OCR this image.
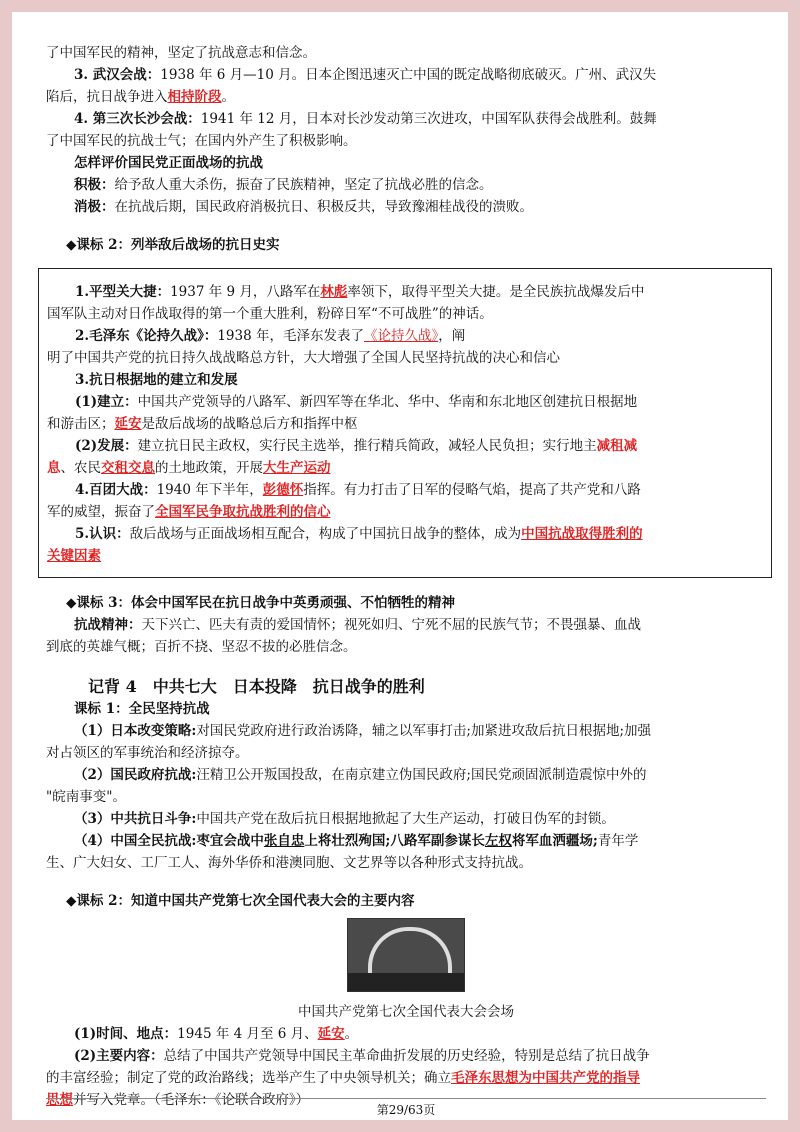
了中国军民的精神，坚定了抗战意志和信念。

3. 武汉会战：1938 年 6 月—10 月。日本企图迅速灭亡中国的既定战略彻底破灭。广州、武汉失

陷后，抗日战争进入相持阶段。

4. 第三次长沙会战：1941 年 12 月，日本对长沙发动第三次进攻，中国军队获得会战胜利。鼓舞

了中国军民的抗战士气；在国内外产生了积极影响。

怎样评价国民党正面战场的抗战

积极：给予敌人重大杀伤，振奋了民族精神，坚定了抗战必胜的信念。

消极：在抗战后期，国民政府消极抗日、积极反共，导致豫湘桂战役的溃败。

◆课标 2：列举敌后战场的抗日史实

1.平型关大捷：1937 年 9 月，八路军在林彪率领下，取得平型关大捷。是全民族抗战爆发后中

国军队主动对日作战取得的第一个重大胜利，粉碎日军“不可战胜”的神话。

2.毛泽东《论持久战》：1938 年，毛泽东发表了《论持久战》，阐

明了中国共产党的抗日持久战战略总方针，大大增强了全国人民坚持抗战的决心和信心

3.抗日根据地的建立和发展

(1)建立：中国共产党领导的八路军、新四军等在华北、华中、华南和东北地区创建抗日根据地

和游击区；延安是敌后战场的战略总后方和指挥中枢

(2)发展：建立抗日民主政权，实行民主选举，推行精兵简政，减轻人民负担；实行地主减租减

息、农民交租交息的土地政策，开展大生产运动

4.百团大战：1940 年下半年，彭德怀指挥。有力打击了日军的侵略气焰，提高了共产党和八路

军的威望，振奋了全国军民争取抗战胜利的信心

5.认识：敌后战场与正面战场相互配合，构成了中国抗日战争的整体，成为中国抗战取得胜利的

关键因素

◆课标 3：体会中国军民在抗日战争中英勇顽强、不怕牺牲的精神

抗战精神：天下兴亡、匹夫有责的爱国情怀；视死如归、宁死不屈的民族气节；不畏强暴、血战

到底的英雄气概；百折不挠、坚忍不拔的必胜信念。

记背 4　中共七大　日本投降　抗日战争的胜利

课标 1：全民坚持抗战

（1）日本改变策略:对国民党政府进行政治诱降，辅之以军事打击;加紧进攻敌后抗日根据地;加强

对占领区的军事统治和经济掠夺。

（2）国民政府抗战:汪精卫公开叛国投敌，在南京建立伪国民政府;国民党顽固派制造震惊中外的

"皖南事变"。

（3）中共抗日斗争:中国共产党在敌后抗日根据地掀起了大生产运动，打破日伪军的封锁。

（4）中国全民抗战:枣宜会战中张自忠上将壮烈殉国;八路军副参谋长左权将军血洒疆场;青年学

生、广大妇女、工厂工人、海外华侨和港澳同胞、文艺界等以各种形式支持抗战。

◆课标 2：知道中国共产党第七次全国代表大会的主要内容

中国共产党第七次全国代表大会会场

(1)时间、地点：1945 年 4 月至 6 月、延安。

(2)主要内容：总结了中国共产党领导中国民主革命曲折发展的历史经验，特别是总结了抗日战争

的丰富经验；制定了党的政治路线；选举产生了中央领导机关；确立毛泽东思想为中国共产党的指导

思想并写入党章。（毛泽东：《论联合政府》）

第29/63页
